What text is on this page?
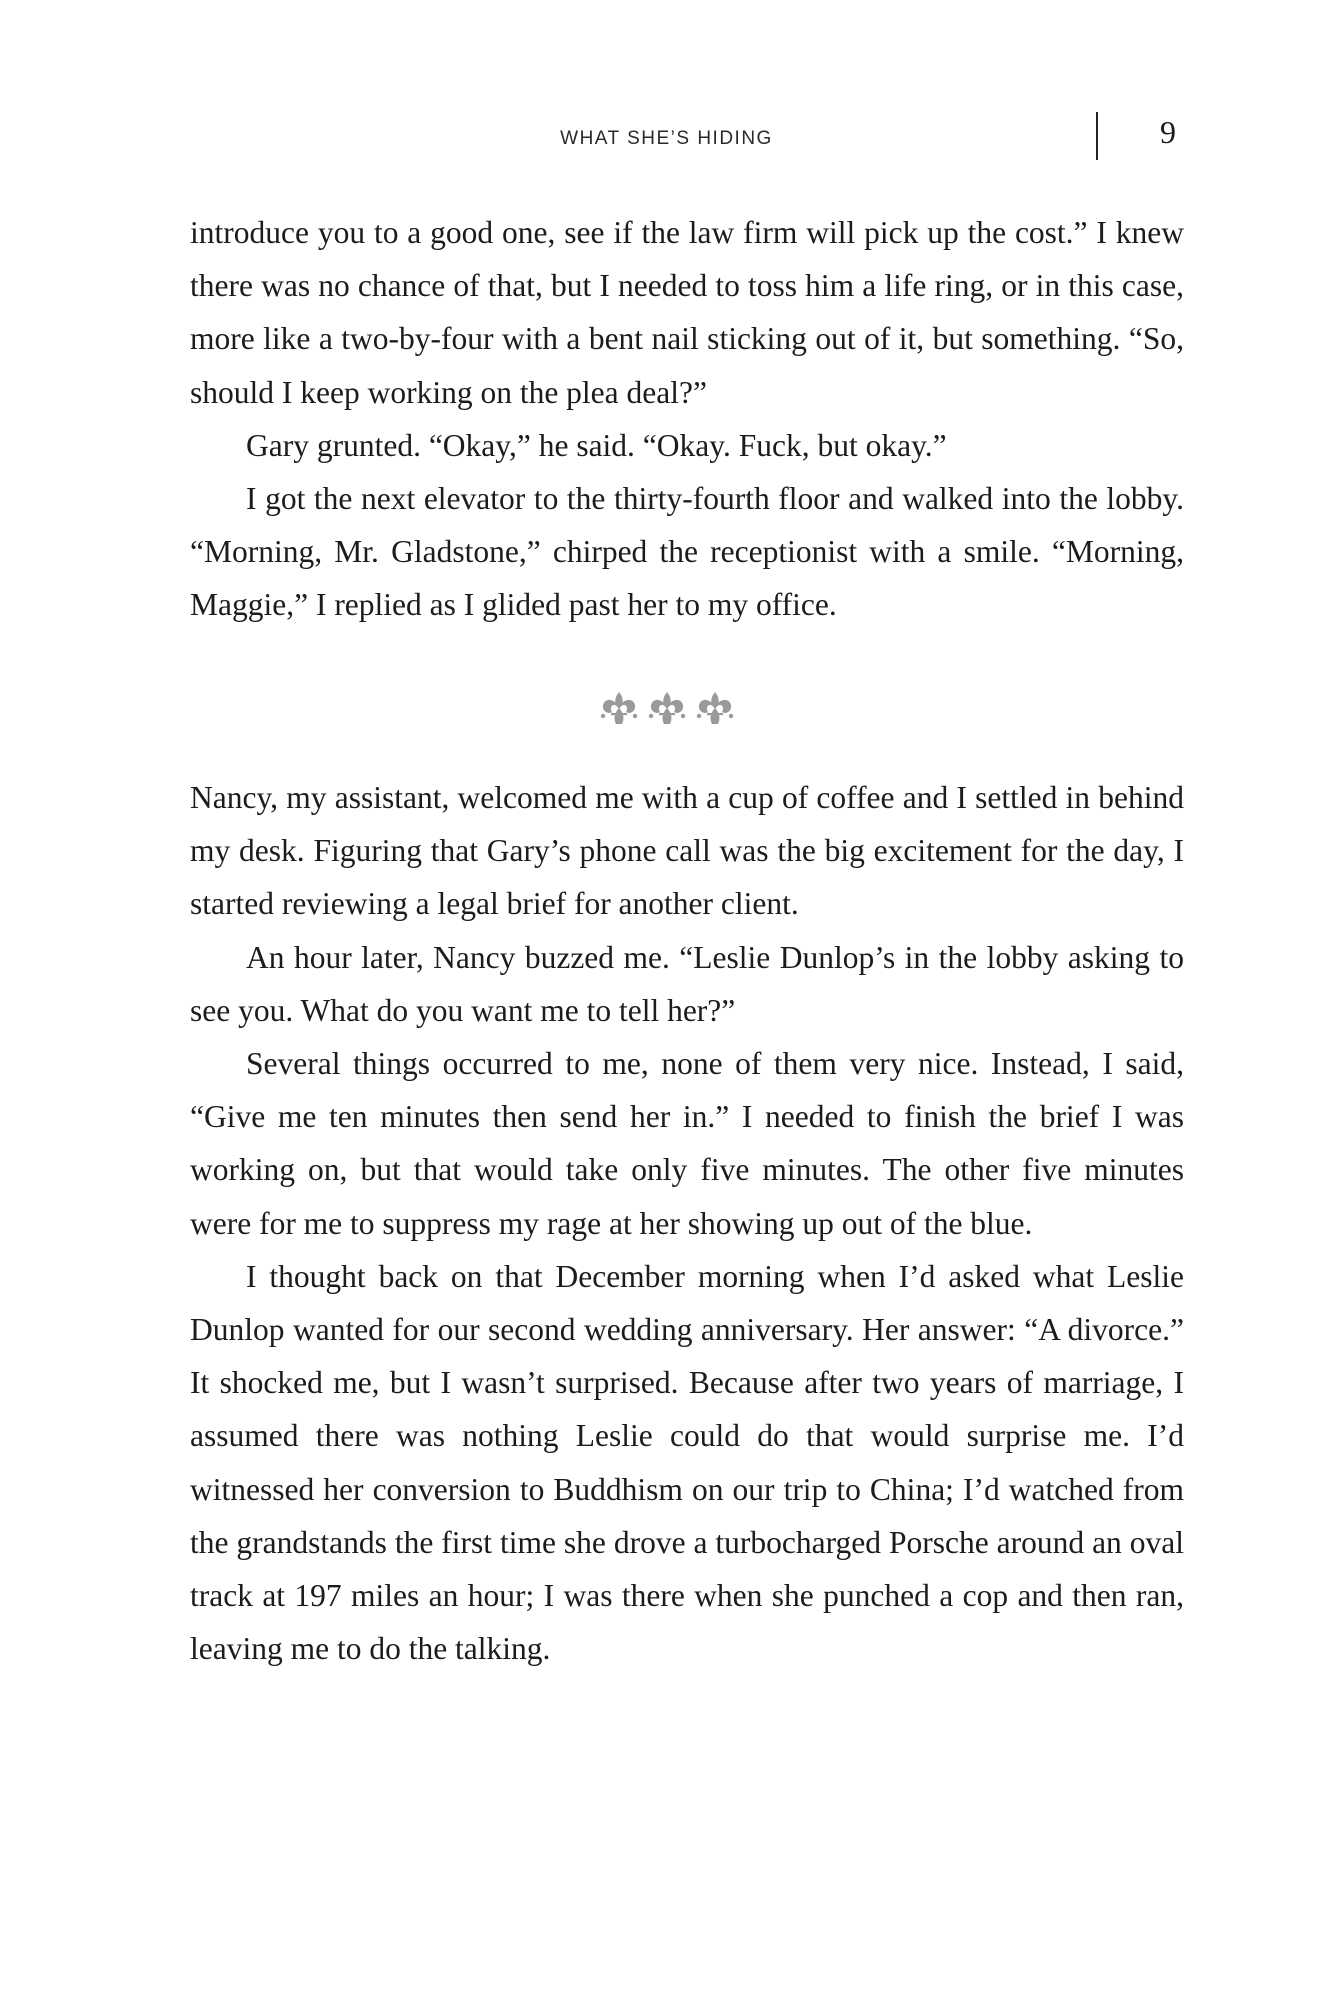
WHAT SHE’S HIDING	9

introduce you to a good one, see if the law firm will pick up the cost.” I knew there was no chance of that, but I needed to toss him a life ring, or in this case, more like a two-by-four with a bent nail sticking out of it, but something. “So, should I keep working on the plea deal?”

Gary grunted. “Okay,” he said. “Okay. Fuck, but okay.”

I got the next elevator to the thirty-fourth floor and walked into the lobby. “Morning, Mr. Gladstone,” chirped the receptionist with a smile. “Morning, Maggie,” I replied as I glided past her to my office.

Nancy, my assistant, welcomed me with a cup of coffee and I settled in behind my desk. Figuring that Gary’s phone call was the big excitement for the day, I started reviewing a legal brief for another client.

An hour later, Nancy buzzed me. “Leslie Dunlop’s in the lobby asking to see you. What do you want me to tell her?”

Several things occurred to me, none of them very nice. Instead, I said, “Give me ten minutes then send her in.” I needed to finish the brief I was working on, but that would take only five minutes. The other five minutes were for me to suppress my rage at her showing up out of the blue.

I thought back on that December morning when I’d asked what Leslie Dunlop wanted for our second wedding anniversary. Her answer: “A divorce.” It shocked me, but I wasn’t surprised. Because after two years of marriage, I assumed there was nothing Leslie could do that would surprise me. I’d witnessed her conversion to Buddhism on our trip to China; I’d watched from the grandstands the first time she drove a turbocharged Porsche around an oval track at 197 miles an hour; I was there when she punched a cop and then ran, leaving me to do the talking.
